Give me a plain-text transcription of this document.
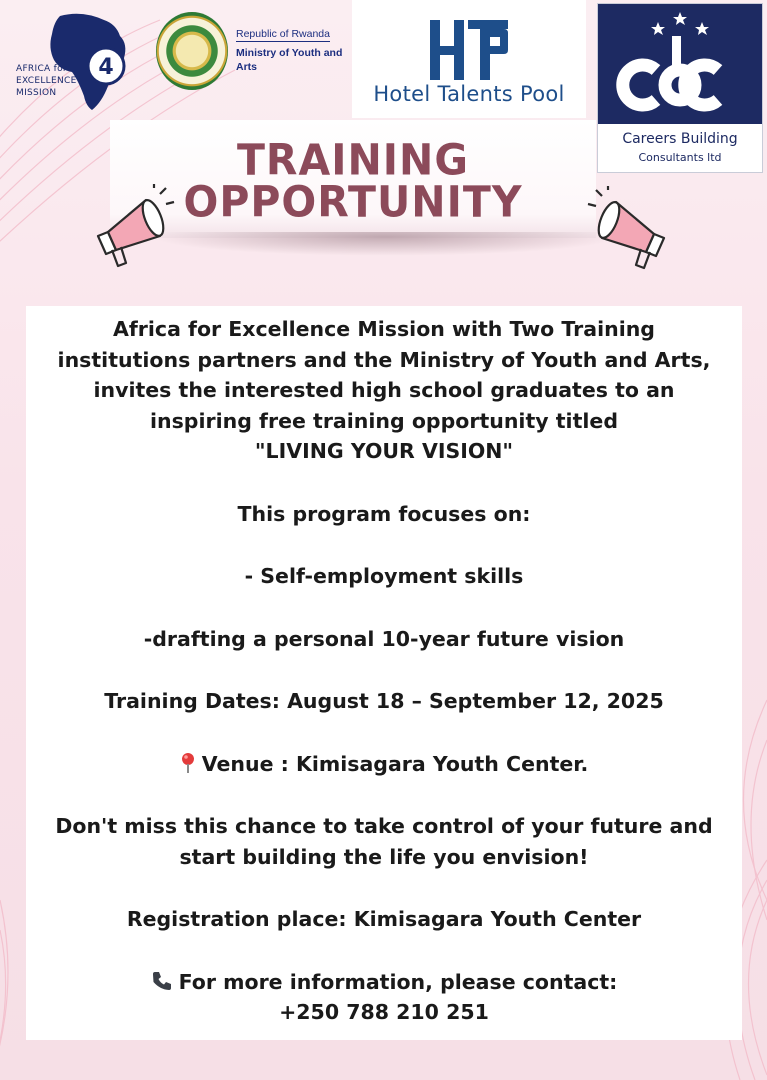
4
AFRICA for
EXCELLENCE
MISSION
Republic of Rwanda
Ministry of Youth and Arts
Hotel Talents Pool
Careers Building
Consultants ltd
TRAINING
OPPORTUNITY

Africa for Excellence Mission with Two Training institutions partners and the Ministry of Youth and Arts, invites the interested high school graduates to an inspiring free training opportunity titled

"LIVING YOUR VISION"

This program focuses on:

- Self-employment skills

-drafting a personal 10-year future vision

Training Dates: August 18 – September 12, 2025

Venue : Kimisagara Youth Center.

Don't miss this chance to take control of your future and start building the life you envision!

Registration place: Kimisagara Youth Center

For more information, please contact:

+250 788 210 251
